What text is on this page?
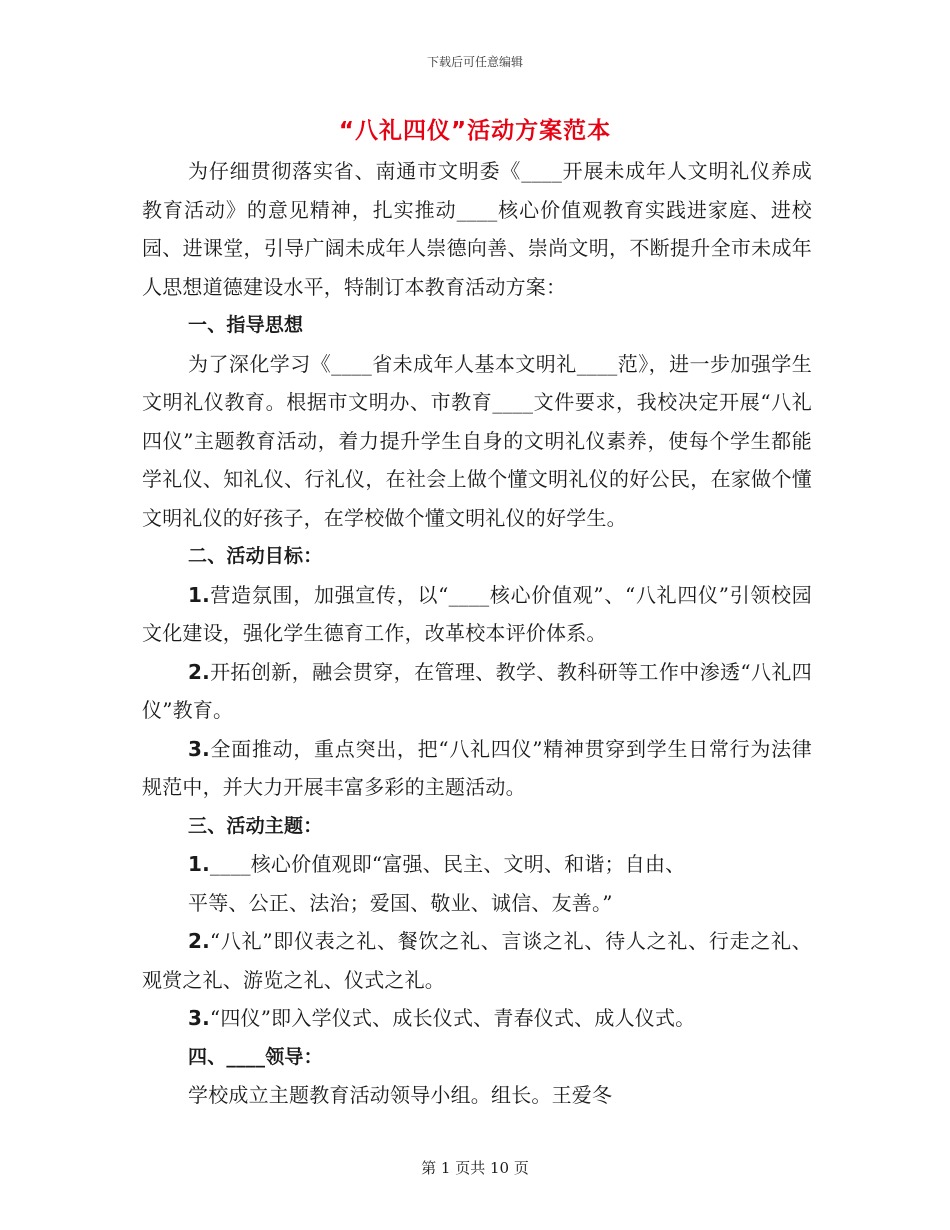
下载后可任意编辑
“八礼四仪”活动方案范本

为仔细贯彻落实省、南通市文明委《____开展未成年人文明礼仪养成教育活动》的意见精神，扎实推动____核心价值观教育实践进家庭、进校园、进课堂，引导广阔未成年人崇德向善、崇尚文明，不断提升全市未成年人思想道德建设水平，特制订本教育活动方案：

一、指导思想

为了深化学习《____省未成年人基本文明礼____范》，进一步加强学生文明礼仪教育。根据市文明办、市教育____文件要求，我校决定开展“八礼四仪”主题教育活动，着力提升学生自身的文明礼仪素养，使每个学生都能学礼仪、知礼仪、行礼仪，在社会上做个懂文明礼仪的好公民，在家做个懂文明礼仪的好孩子，在学校做个懂文明礼仪的好学生。

二、活动目标：

1.营造氛围，加强宣传，以“____核心价值观”、“八礼四仪”引领校园文化建设，强化学生德育工作，改革校本评价体系。

2.开拓创新，融会贯穿，在管理、教学、教科研等工作中渗透“八礼四仪”教育。

3.全面推动，重点突出，把“八礼四仪”精神贯穿到学生日常行为法律规范中，并大力开展丰富多彩的主题活动。

三、活动主题：

1.____核心价值观即“富强、民主、文明、和谐；自由、
平等、公正、法治；爱国、敬业、诚信、友善。”

2.“八礼”即仪表之礼、餐饮之礼、言谈之礼、待人之礼、行走之礼、观赏之礼、游览之礼、仪式之礼。

3.“四仪”即入学仪式、成长仪式、青春仪式、成人仪式。

四、____领导：

学校成立主题教育活动领导小组。组长。王爱冬

第 1 页共 10 页
